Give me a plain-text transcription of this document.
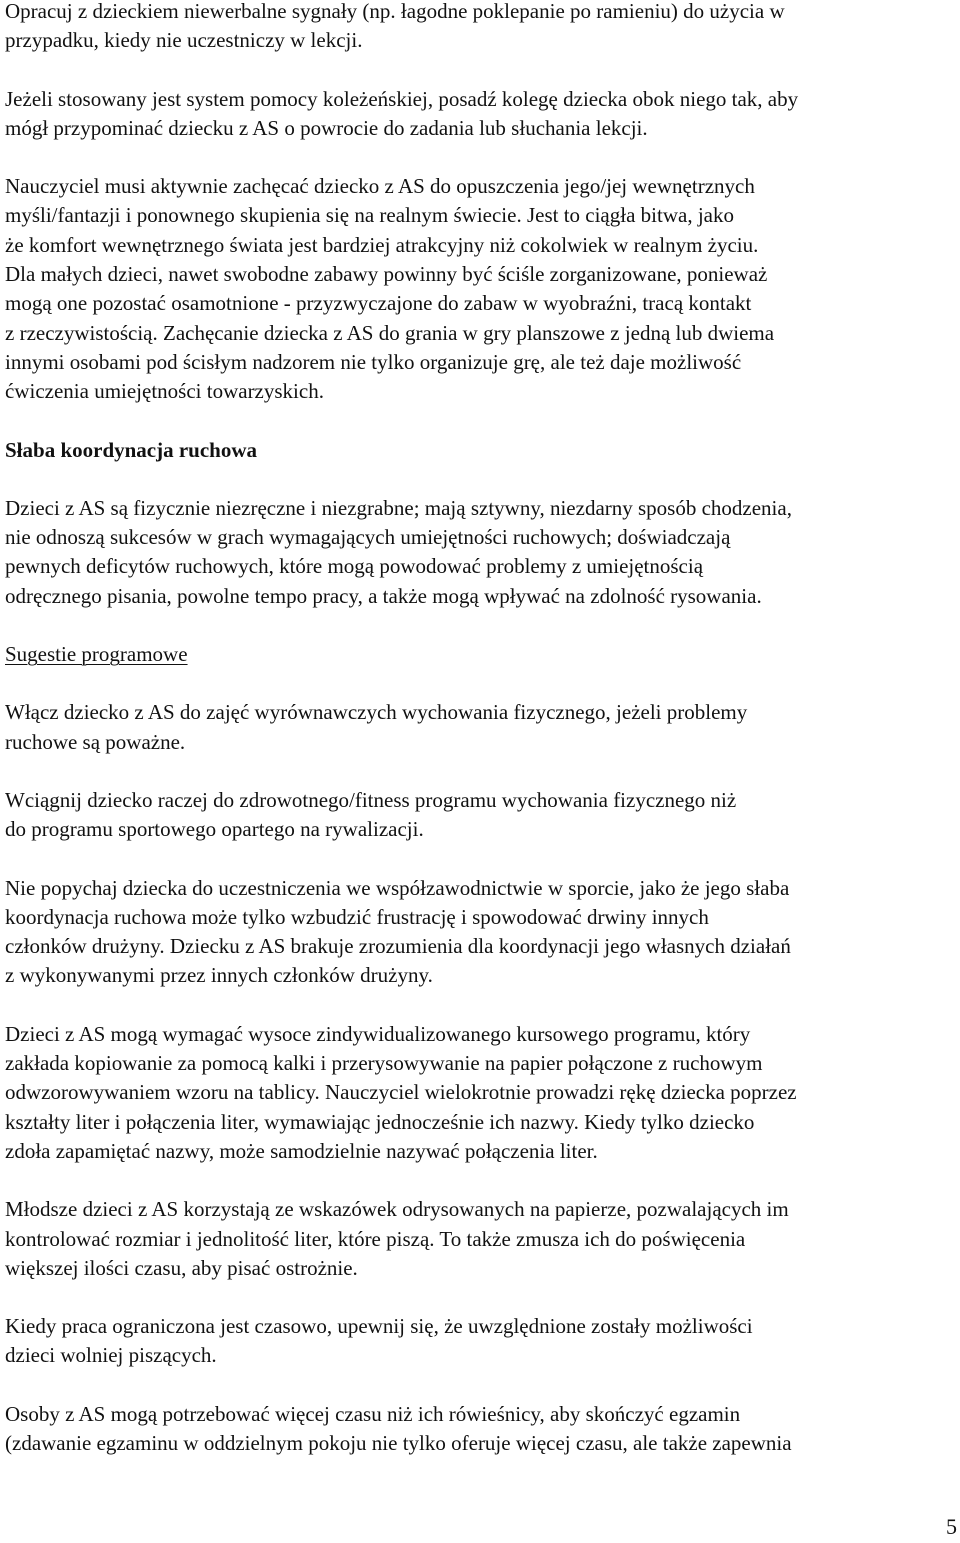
Opracuj z dzieckiem niewerbalne sygnały (np. łagodne poklepanie po ramieniu) do użycia w
przypadku, kiedy nie uczestniczy w lekcji.

Jeżeli stosowany jest system pomocy koleżeńskiej, posadź kolegę dziecka obok niego tak, aby
mógł przypominać dziecku z AS o powrocie do zadania lub słuchania lekcji.

Nauczyciel musi aktywnie zachęcać dziecko z AS do opuszczenia jego/jej wewnętrznych
myśli/fantazji i ponownego skupienia się na realnym świecie. Jest to ciągła bitwa, jako
że komfort wewnętrznego świata jest bardziej atrakcyjny niż cokolwiek w realnym życiu.
Dla małych dzieci, nawet swobodne zabawy powinny być ściśle zorganizowane, ponieważ
mogą one pozostać osamotnione - przyzwyczajone do zabaw w wyobraźni, tracą kontakt
z rzeczywistością. Zachęcanie dziecka z AS do grania w gry planszowe z jedną lub dwiema
innymi osobami pod ścisłym nadzorem nie tylko organizuje grę, ale też daje możliwość
ćwiczenia umiejętności towarzyskich.

Słaba koordynacja ruchowa

Dzieci z AS są fizycznie niezręczne i niezgrabne; mają sztywny, niezdarny sposób chodzenia,
nie odnoszą sukcesów w grach wymagających umiejętności ruchowych; doświadczają
pewnych deficytów ruchowych, które mogą powodować problemy z umiejętnością
odręcznego pisania, powolne tempo pracy, a także mogą wpływać na zdolność rysowania.

Sugestie programowe

Włącz dziecko z AS do zajęć wyrównawczych wychowania fizycznego, jeżeli problemy
ruchowe są poważne.

Wciągnij dziecko raczej do zdrowotnego/fitness programu wychowania fizycznego niż
do programu sportowego opartego na rywalizacji.

Nie popychaj dziecka do uczestniczenia we współzawodnictwie w sporcie, jako że jego słaba
koordynacja ruchowa może tylko wzbudzić frustrację i spowodować drwiny innych
członków drużyny. Dziecku z AS brakuje zrozumienia dla koordynacji jego własnych działań
z wykonywanymi przez innych członków drużyny.

Dzieci z AS mogą wymagać wysoce zindywidualizowanego kursowego programu, który
zakłada kopiowanie za pomocą kalki i przerysowywanie na papier połączone z ruchowym
odwzorowywaniem wzoru na tablicy. Nauczyciel wielokrotnie prowadzi rękę dziecka poprzez
kształty liter i połączenia liter, wymawiając jednocześnie ich nazwy. Kiedy tylko dziecko
zdoła zapamiętać nazwy, może samodzielnie nazywać połączenia liter.

Młodsze dzieci z AS korzystają ze wskazówek odrysowanych na papierze, pozwalających im
kontrolować rozmiar i jednolitość liter, które piszą. To także zmusza ich do poświęcenia
większej ilości czasu, aby pisać ostrożnie.

Kiedy praca ograniczona jest czasowo, upewnij się, że uwzględnione zostały możliwości
dzieci wolniej piszących.

Osoby z AS mogą potrzebować więcej czasu niż ich rówieśnicy, aby skończyć egzamin
(zdawanie egzaminu w oddzielnym pokoju nie tylko oferuje więcej czasu, ale także zapewnia

5
